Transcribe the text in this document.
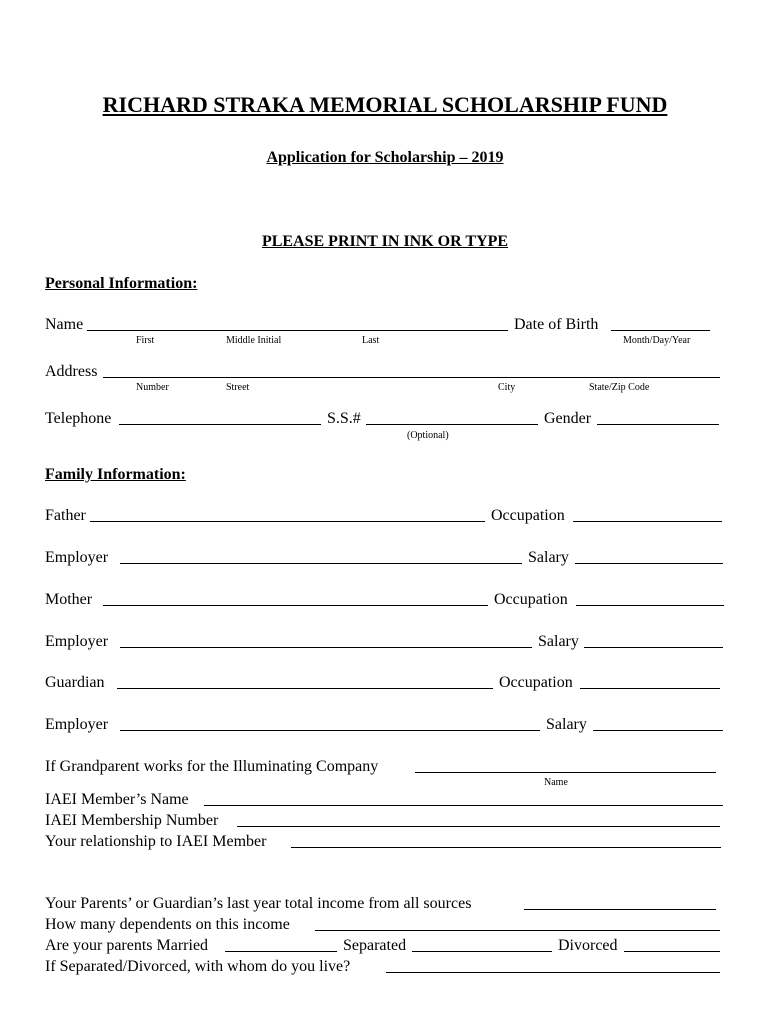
RICHARD STRAKA MEMORIAL SCHOLARSHIP FUND
Application for Scholarship – 2019
PLEASE PRINT IN INK OR TYPE
Personal Information:
Name	Date of Birth
First	Middle Initial	Last	Month/Day/Year
Address
Number	Street	City	State/Zip Code
Telephone	S.S.#	Gender
(Optional)
Family Information:
Father	Occupation
Employer	Salary
Mother	Occupation
Employer	Salary
Guardian	Occupation
Employer	Salary
If Grandparent works for the Illuminating Company
Name
IAEI Member’s Name
IAEI Membership Number
Your relationship to IAEI Member
Your Parents’ or Guardian’s last year total income from all sources
How many dependents on this income
Are your parents Married	Separated	Divorced
If Separated/Divorced, with whom do you live?
